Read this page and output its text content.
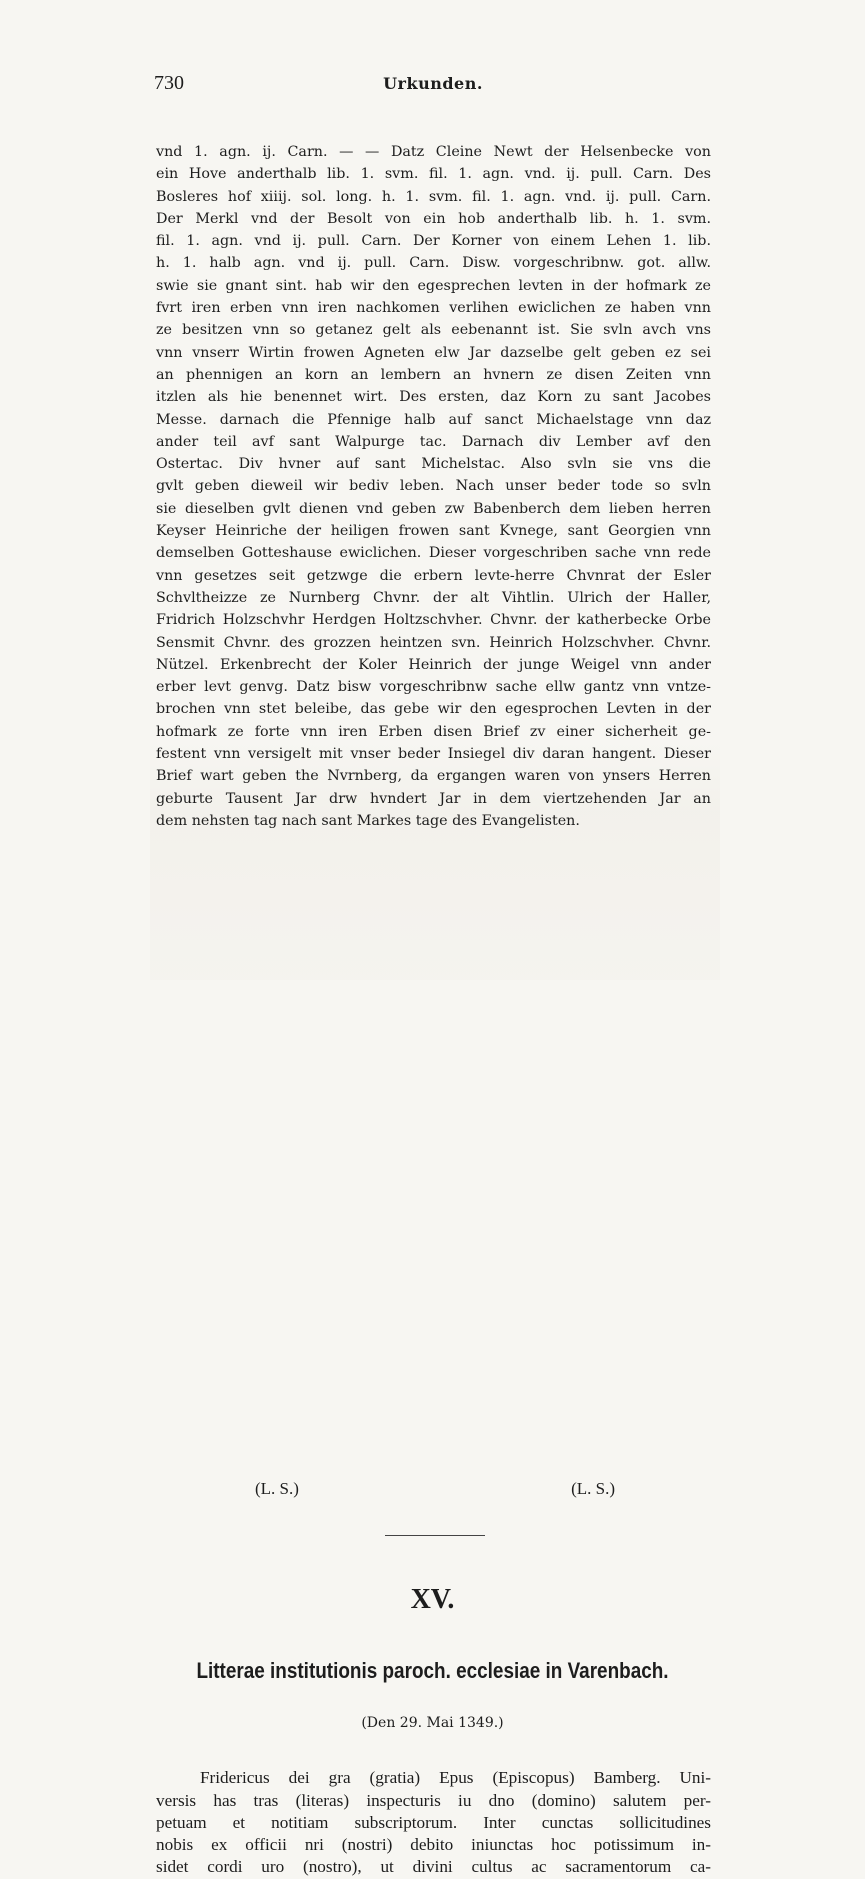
730	Urkunden.
vnd 1. agn. ij. Carn. — — Datz Cleine Newt der Helsenbecke von
ein Hove anderthalb lib. 1. svm. fil. 1. agn. vnd. ij. pull. Carn. Des
Bosleres hof xiiij. sol. long. h. 1. svm. fil. 1. agn. vnd. ij. pull. Carn.
Der Merkl vnd der Besolt von ein hob anderthalb lib. h. 1. svm.
fil. 1. agn. vnd ij. pull. Carn. Der Korner von einem Lehen 1. lib.
h. 1. halb agn. vnd ij. pull. Carn. Disw. vorgeschribnw. got. allw.
swie sie gnant sint. hab wir den egesprechen levten in der hofmark ze
fvrt iren erben vnn iren nachkomen verlihen ewiclichen ze haben vnn
ze besitzen vnn so getanez gelt als eebenannt ist. Sie svln avch vns
vnn vnserr Wirtin frowen Agneten elw Jar dazselbe gelt geben ez sei
an phennigen an korn an lembern an hvnern ze disen Zeiten vnn
itzlen als hie benennet wirt. Des ersten, daz Korn zu sant Jacobes
Messe. darnach die Pfennige halb auf sanct Michaelstage vnn daz
ander teil avf sant Walpurge tac. Darnach div Lember avf den
Ostertac. Div hvner auf sant Michelstac. Also svln sie vns die
gvlt geben dieweil wir bediv leben. Nach unser beder tode so svln
sie dieselben gvlt dienen vnd geben zw Babenberch dem lieben herren
Keyser Heinriche der heiligen frowen sant Kvnege, sant Georgien vnn
demselben Gotteshause ewiclichen. Dieser vorgeschriben sache vnn rede
vnn gesetzes seit getzwge die erbern levte-herre Chvnrat der Esler
Schvltheizze ze Nurnberg Chvnr. der alt Vihtlin. Ulrich der Haller,
Fridrich Holzschvhr Herdgen Holtzschvher. Chvnr. der katherbecke Orbe
Sensmit Chvnr. des grozzen heintzen svn. Heinrich Holzschvher. Chvnr.
Nützel. Erkenbrecht der Koler Heinrich der junge Weigel vnn ander
erber levt genvg. Datz bisw vorgeschribnw sache ellw gantz vnn vntze-
brochen vnn stet beleibe, das gebe wir den egesprochen Levten in der
hofmark ze forte vnn iren Erben disen Brief zv einer sicherheit ge-
festent vnn versigelt mit vnser beder Insiegel div daran hangent. Dieser
Brief wart geben the Nvrnberg, da ergangen waren von ynsers Herren
geburte Tausent Jar drw hvndert Jar in dem viertzehenden Jar an
dem nehsten tag nach sant Markes tage des Evangelisten.
(L. S.)	(L. S.)
XV.
Litterae institutionis paroch. ecclesiae in Varenbach.
(Den 29. Mai 1349.)
Fridericus dei gra (gratia) Epus (Episcopus) Bamberg. Uni-
versis has tras (literas) inspecturis iu dno (domino) salutem per-
petuam et notitiam subscriptorum. Inter cunctas sollicitudines
nobis ex officii nri (nostri) debito iniunctas hoc potissimum in-
sidet cordi uro (nostro), ut divini cultus ac sacramentorum ca-
